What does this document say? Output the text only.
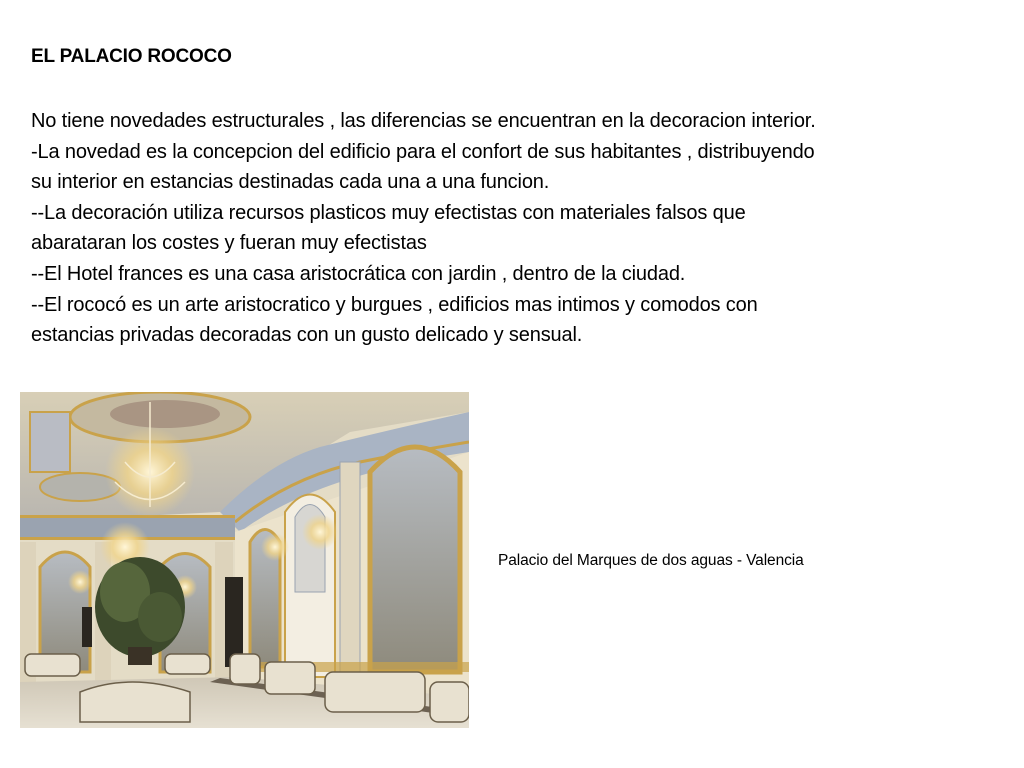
EL PALACIO ROCOCO
No tiene novedades estructurales , las diferencias se encuentran en la decoracion interior.
-La novedad es la concepcion del edificio para el confort de sus habitantes , distribuyendo
su interior en estancias destinadas cada una a una funcion.
--La decoración utiliza recursos plasticos muy efectistas con materiales falsos que
abarataran los costes y fueran muy efectistas
--El Hotel frances es una casa aristocrática con jardin , dentro de la ciudad.
--El rococó es un arte aristocratico y burgues , edificios mas intimos y comodos con
estancias privadas decoradas con un gusto delicado y sensual.
Palacio del Marques de dos aguas - Valencia
